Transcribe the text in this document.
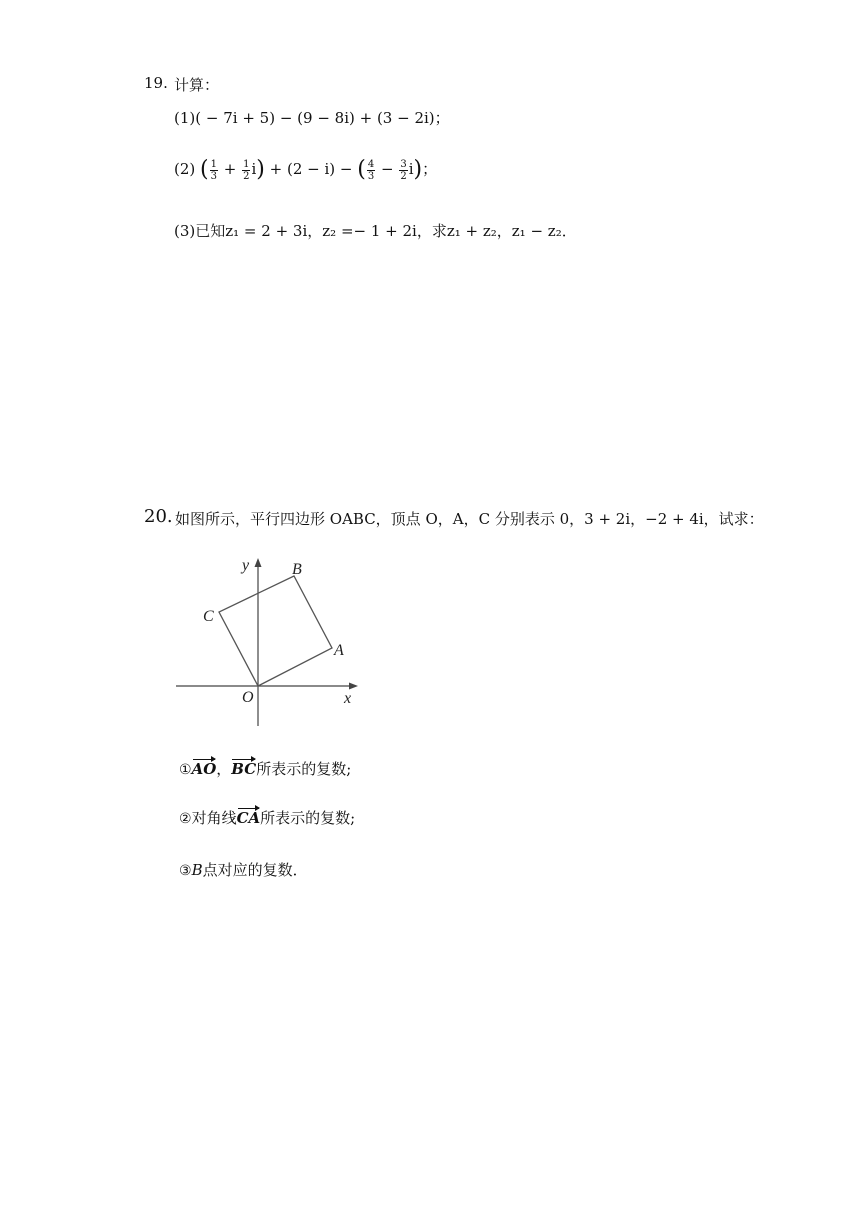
19. 计算：
(1)( − 7i + 5) − (9 − 8i) + (3 − 2i)；
(2) ( $\frac{1}{3} + \frac{1}{2} i) + (2 - i)$ − ( $\frac{4}{3} - \frac{3}{2} i$)；
(3)已知z₁ = 2 + 3i，z₂ =− 1 + 2i，求z₁ + z₂，z₁ − z₂．
20. 如图所示，平行四边形 OABC，顶点 O，A，C 分别表示 0，3 + 2i，−2 + 4i，试求：
y
x
O
A
B
C
①AO，BC所表示的复数;
②对角线CA所表示的复数;
③B点对应的复数．
